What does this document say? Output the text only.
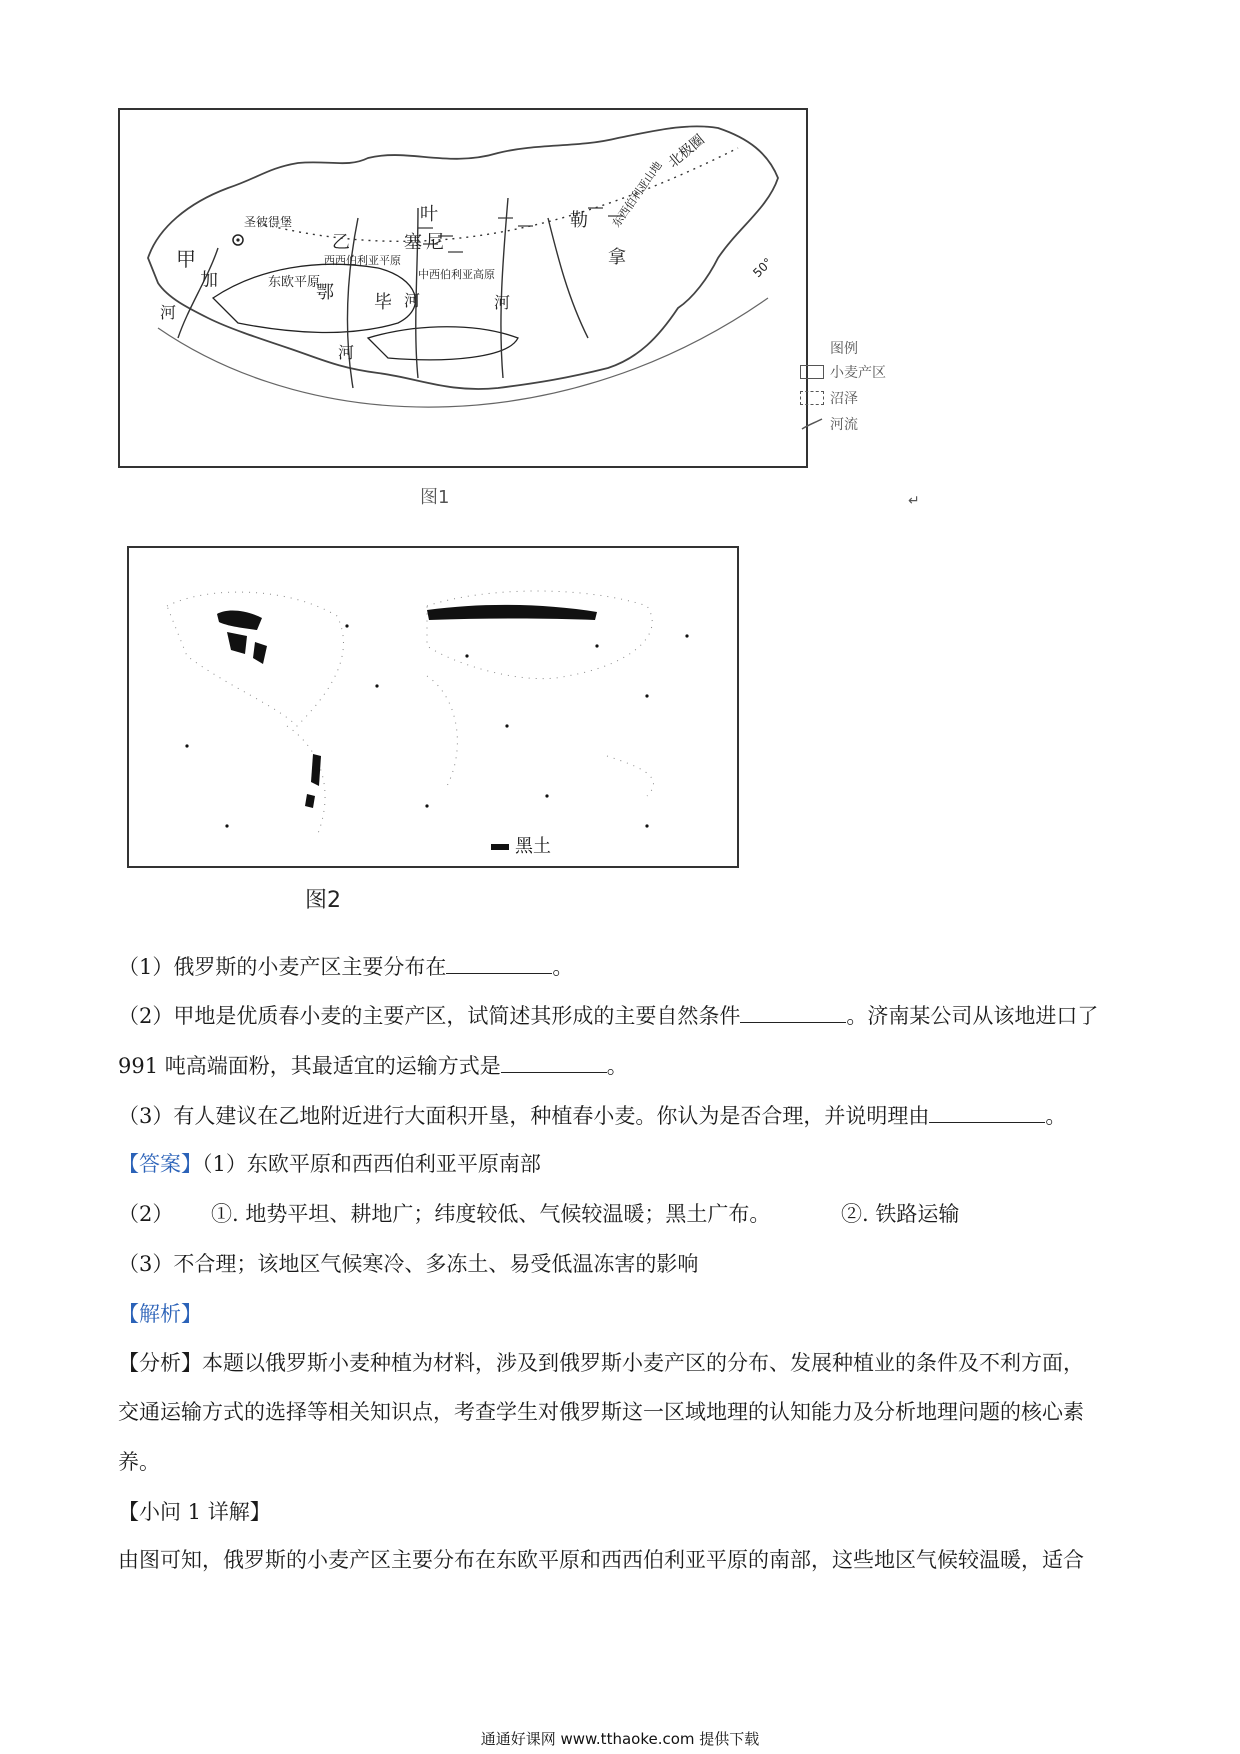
圣彼得堡
甲
加
河
东欧平原
乙
叶
尼
塞
勒
拿
鄂 毕
河
河	河
西西伯利亚平原
中西伯利亚高原
东西伯利亚山地
北极圈
50°
图例
小麦产区
沼泽
河流
图1	↵
黑土
图2
（1）俄罗斯的小麦产区主要分布在	。
（2）甲地是优质春小麦的主要产区，试简述其形成的主要自然条件	。济南某公司从该地进口了
991 吨高端面粉，其最适宜的运输方式是	。
（3）有人建议在乙地附近进行大面积开垦，种植春小麦。你认为是否合理，并说明理由	。
【答案】（1）东欧平原和西西伯利亚平原南部
（2） ①. 地势平坦、耕地广；纬度较低、气候较温暖；黑土广布。	②. 铁路运输
（3）不合理；该地区气候寒冷、多冻土、易受低温冻害的影响
【解析】
【分析】本题以俄罗斯小麦种植为材料，涉及到俄罗斯小麦产区的分布、发展种植业的条件及不利方面，
交通运输方式的选择等相关知识点，考查学生对俄罗斯这一区域地理的认知能力及分析地理问题的核心素
养。
【小问 1 详解】
由图可知，俄罗斯的小麦产区主要分布在东欧平原和西西伯利亚平原的南部，这些地区气候较温暖，适合
通通好课网 www.tthaoke.com 提供下载
